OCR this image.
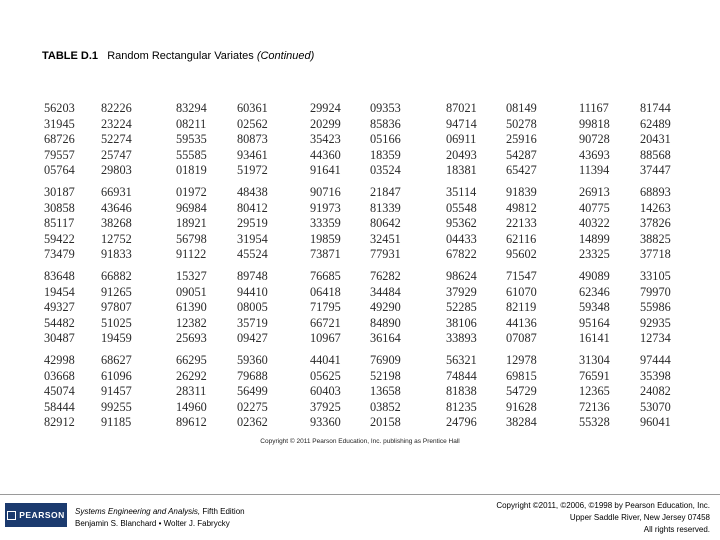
TABLE D.1 Random Rectangular Variates (Continued)
56203 82226	83294 60361	29924 09353	87021 08149	11167	81744
31945 23224	08211 02562	20299 85836	94714 50278	99818 62489
68726 52274	59535 80873	35423 05166	06911 25916	90728 20431
79557 25747	55585 93461	44360 18359	20493 54287	43693 88568
05764 29803	01819 51972	91641 03524	18381 65427	11394 37447
30187 66931	01972 48438	90716 21847	35114 91839	26913 68893
30858 43646	96984 80412	91973 81339	05548 49812	40775 14263
85117 38268	18921 29519	33359 80642	95362 22133	40322 37826
59422 12752	56798 31954	19859 32451	04433 62116	14899 38825
73479 91833	91122 45524	73871 77931	67822 95602	23325 37718
83648 66882	15327 89748	76685 76282	98624 71547	49089 33105
19454 91265	09051 94410	06418 34484	37929 61070	62346 79970
49327 97807	61390 08005	71795 49290	52285 82119	59348 55986
54482 51025	12382 35719	66721 84890	38106 44136	95164 92935
30487 19459	25693 09427	10967 36164	33893 07087	16141 12734
42998 68627	66295 59360	44041 76909	56321 12978	31304 97444
03668 61096	26292 79688	05625 52198	74844 69815	76591 35398
45074 91457	28311 56499	60403 13658	81838 54729	12365 24082
58444 99255	14960 02275	37925 03852	81235 91628	72136 53070
82912 91185	89612 02362	93360 20158	24796 38284	55328 96041
Copyright © 2011 Pearson Education, Inc. publishing as Prentice Hall
PEARSON Systems Engineering and Analysis, Fifth Edition
Benjamin S. Blanchard • Wolter J. Fabrycky
Copyright ©2011, ©2006, ©1998 by Pearson Education, Inc.
Upper Saddle River, New Jersey 07458
All rights reserved.
